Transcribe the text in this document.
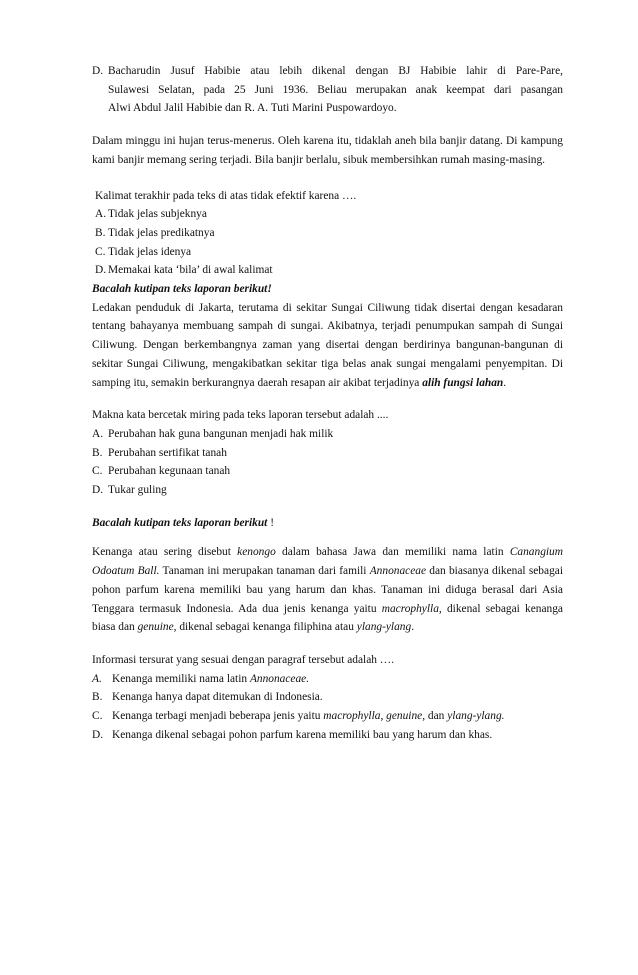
D. Bacharudin Jusuf Habibie atau lebih dikenal dengan BJ Habibie lahir di Pare-Pare,
Sulawesi Selatan, pada 25 Juni 1936. Beliau merupakan anak keempat dari pasangan
Alwi Abdul Jalil Habibie dan R. A. Tuti Marini Puspowardoyo.
Dalam minggu ini hujan terus-menerus. Oleh karena itu, tidaklah aneh bila banjir datang. Di kampung kami banjir memang sering terjadi. Bila banjir berlalu, sibuk membersihkan rumah masing-masing.
Kalimat terakhir pada teks di atas tidak efektif karena ….
A. Tidak jelas subjeknya
B. Tidak jelas predikatnya
C. Tidak jelas idenya
D. Memakai kata ‘bila’ di awal kalimat
Bacalah kutipan teks laporan berikut!
Ledakan penduduk di Jakarta, terutama di sekitar Sungai Ciliwung tidak disertai dengan kesadaran tentang bahayanya membuang sampah di sungai. Akibatnya, terjadi penumpukan sampah di Sungai Ciliwung. Dengan berkembangnya zaman yang disertai dengan berdirinya bangunan-bangunan di sekitar Sungai Ciliwung, mengakibatkan sekitar tiga belas anak sungai mengalami penyempitan. Di samping itu, semakin berkurangnya daerah resapan air akibat terjadinya alih fungsi lahan.
Makna kata bercetak miring pada teks laporan tersebut adalah ....
A. Perubahan hak guna bangunan menjadi hak milik
B. Perubahan sertifikat tanah
C. Perubahan kegunaan tanah
D. Tukar guling
Bacalah kutipan teks laporan berikut !
Kenanga atau sering disebut kenongo dalam bahasa Jawa dan memiliki nama latin Canangium Odoatum Ball. Tanaman ini merupakan tanaman dari famili Annonaceae dan biasanya dikenal sebagai pohon parfum karena memiliki bau yang harum dan khas. Tanaman ini diduga berasal dari Asia Tenggara termasuk Indonesia. Ada dua jenis kenanga yaitu macrophylla, dikenal sebagai kenanga biasa dan genuine, dikenal sebagai kenanga filiphina atau ylang-ylang.
Informasi tersurat yang sesuai dengan paragraf tersebut adalah ….
A. Kenanga memiliki nama latin Annonaceae.
B. Kenanga hanya dapat ditemukan di Indonesia.
C. Kenanga terbagi menjadi beberapa jenis yaitu macrophylla, genuine, dan ylang-ylang.
D. Kenanga dikenal sebagai pohon parfum karena memiliki bau yang harum dan khas.
